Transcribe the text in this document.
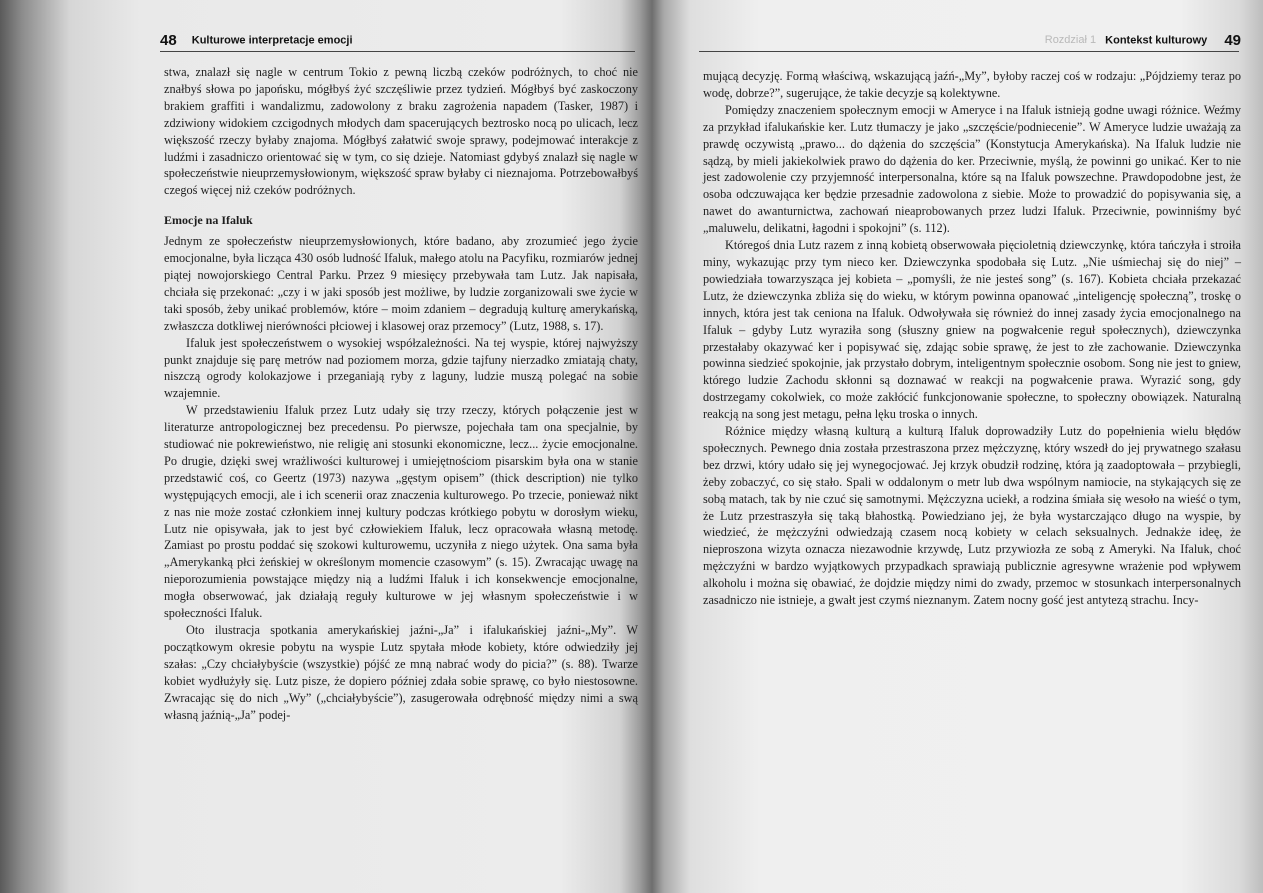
48 Kulturowe interpretacje emocji

stwa, znalazł się nagle w centrum Tokio z pewną liczbą czeków podróżnych, to choć nie znałbyś słowa po japońsku, mógłbyś żyć szczęśliwie przez tydzień. Mógłbyś być zaskoczony brakiem graffiti i wandalizmu, zadowolony z braku zagrożenia napadem (Tasker, 1987) i zdziwiony widokiem czcigodnych młodych dam spacerujących beztrosko nocą po ulicach, lecz większość rzeczy byłaby znajoma. Mógłbyś załatwić swoje sprawy, podejmować interakcje z ludźmi i zasadniczo orientować się w tym, co się dzieje. Natomiast gdybyś znalazł się nagle w społeczeństwie nieuprzemysłowionym, większość spraw byłaby ci nieznajoma. Potrzebowałbyś czegoś więcej niż czeków podróżnych.

Emocje na Ifaluk

Jednym ze społeczeństw nieuprzemysłowionych, które badano, aby zrozumieć jego życie emocjonalne, była licząca 430 osób ludność Ifaluk, małego atolu na Pacyfiku, rozmiarów jednej piątej nowojorskiego Central Parku. Przez 9 miesięcy przebywała tam Lutz. Jak napisała, chciała się przekonać: „czy i w jaki sposób jest możliwe, by ludzie zorganizowali swe życie w taki sposób, żeby unikać problemów, które – moim zdaniem – degradują kulturę amerykańską, zwłaszcza dotkliwej nierówności płciowej i klasowej oraz przemocy” (Lutz, 1988, s. 17).

Ifaluk jest społeczeństwem o wysokiej współzależności. Na tej wyspie, której najwyższy punkt znajduje się parę metrów nad poziomem morza, gdzie tajfuny nierzadko zmiatają chaty, niszczą ogrody kolokazjowe i przeganiają ryby z laguny, ludzie muszą polegać na sobie wzajemnie.

W przedstawieniu Ifaluk przez Lutz udały się trzy rzeczy, których połączenie jest w literaturze antropologicznej bez precedensu. Po pierwsze, pojechała tam ona specjalnie, by studiować nie pokrewieństwo, nie religię ani stosunki ekonomiczne, lecz... życie emocjonalne. Po drugie, dzięki swej wrażliwości kulturowej i umiejętnościom pisarskim była ona w stanie przedstawić coś, co Geertz (1973) nazywa „gęstym opisem” (thick description) nie tylko występujących emocji, ale i ich scenerii oraz znaczenia kulturowego. Po trzecie, ponieważ nikt z nas nie może zostać członkiem innej kultury podczas krótkiego pobytu w dorosłym wieku, Lutz nie opisywała, jak to jest być człowiekiem Ifaluk, lecz opracowała własną metodę. Zamiast po prostu poddać się szokowi kulturowemu, uczyniła z niego użytek. Ona sama była „Amerykanką płci żeńskiej w określonym momencie czasowym” (s. 15). Zwracając uwagę na nieporozumienia powstające między nią a ludźmi Ifaluk i ich konsekwencje emocjonalne, mogła obserwować, jak działają reguły kulturowe w jej własnym społeczeństwie i w społeczności Ifaluk.

Oto ilustracja spotkania amerykańskiej jaźni-„Ja” i ifalukańskiej jaźni-„My”. W początkowym okresie pobytu na wyspie Lutz spytała młode kobiety, które odwiedziły jej szałas: „Czy chciałybyście (wszystkie) pójść ze mną nabrać wody do picia?” (s. 88). Twarze kobiet wydłużyły się. Lutz pisze, że dopiero później zdała sobie sprawę, co było niestosowne. Zwracając się do nich „Wy” („chciałybyście”), zasugerowała odrębność między nimi a swą własną jaźnią-„Ja” podej-

Rozdział 1 Kontekst kulturowy 49

mującą decyzję. Formą właściwą, wskazującą jaźń-„My”, byłoby raczej coś w rodzaju: „Pójdziemy teraz po wodę, dobrze?”, sugerujące, że takie decyzje są kolektywne.

Pomiędzy znaczeniem społecznym emocji w Ameryce i na Ifaluk istnieją godne uwagi różnice. Weźmy za przykład ifalukańskie ker. Lutz tłumaczy je jako „szczęście/podniecenie”. W Ameryce ludzie uważają za prawdę oczywistą „prawo... do dążenia do szczęścia” (Konstytucja Amerykańska). Na Ifaluk ludzie nie sądzą, by mieli jakiekolwiek prawo do dążenia do ker. Przeciwnie, myślą, że powinni go unikać. Ker to nie jest zadowolenie czy przyjemność interpersonalna, które są na Ifaluk powszechne. Prawdopodobne jest, że osoba odczuwająca ker będzie przesadnie zadowolona z siebie. Może to prowadzić do popisywania się, a nawet do awanturnictwa, zachowań nieaprobowanych przez ludzi Ifaluk. Przeciwnie, powinniśmy być „maluwelu, delikatni, łagodni i spokojni” (s. 112).

Któregoś dnia Lutz razem z inną kobietą obserwowała pięcioletnią dziewczynkę, która tańczyła i stroiła miny, wykazując przy tym nieco ker. Dziewczynka spodobała się Lutz. „Nie uśmiechaj się do niej” – powiedziała towarzysząca jej kobieta – „pomyśli, że nie jesteś song” (s. 167). Kobieta chciała przekazać Lutz, że dziewczynka zbliża się do wieku, w którym powinna opanować „inteligencję społeczną”, troskę o innych, która jest tak ceniona na Ifaluk. Odwoływała się również do innej zasady życia emocjonalnego na Ifaluk – gdyby Lutz wyraziła song (słuszny gniew na pogwałcenie reguł społecznych), dziewczynka przestałaby okazywać ker i popisywać się, zdając sobie sprawę, że jest to złe zachowanie. Dziewczynka powinna siedzieć spokojnie, jak przystało dobrym, inteligentnym społecznie osobom. Song nie jest to gniew, którego ludzie Zachodu skłonni są doznawać w reakcji na pogwałcenie prawa. Wyrazić song, gdy dostrzegamy cokolwiek, co może zakłócić funkcjonowanie społeczne, to społeczny obowiązek. Naturalną reakcją na song jest metagu, pełna lęku troska o innych.

Różnice między własną kulturą a kulturą Ifaluk doprowadziły Lutz do popełnienia wielu błędów społecznych. Pewnego dnia została przestraszona przez mężczyznę, który wszedł do jej prywatnego szałasu bez drzwi, który udało się jej wynegocjować. Jej krzyk obudził rodzinę, która ją zaadoptowała – przybiegli, żeby zobaczyć, co się stało. Spali w oddalonym o metr lub dwa wspólnym namiocie, na stykających się ze sobą matach, tak by nie czuć się samotnymi. Mężczyzna uciekł, a rodzina śmiała się wesoło na wieść o tym, że Lutz przestraszyła się taką błahostką. Powiedziano jej, że była wystarczająco długo na wyspie, by wiedzieć, że mężczyźni odwiedzają czasem nocą kobiety w celach seksualnych. Jednakże ideę, że nieproszona wizyta oznacza niezawodnie krzywdę, Lutz przywiozła ze sobą z Ameryki. Na Ifaluk, choć mężczyźni w bardzo wyjątkowych przypadkach sprawiają publicznie agresywne wrażenie pod wpływem alkoholu i można się obawiać, że dojdzie między nimi do zwady, przemoc w stosunkach interpersonalnych zasadniczo nie istnieje, a gwałt jest czymś nieznanym. Zatem nocny gość jest antytezą strachu. Incy-
